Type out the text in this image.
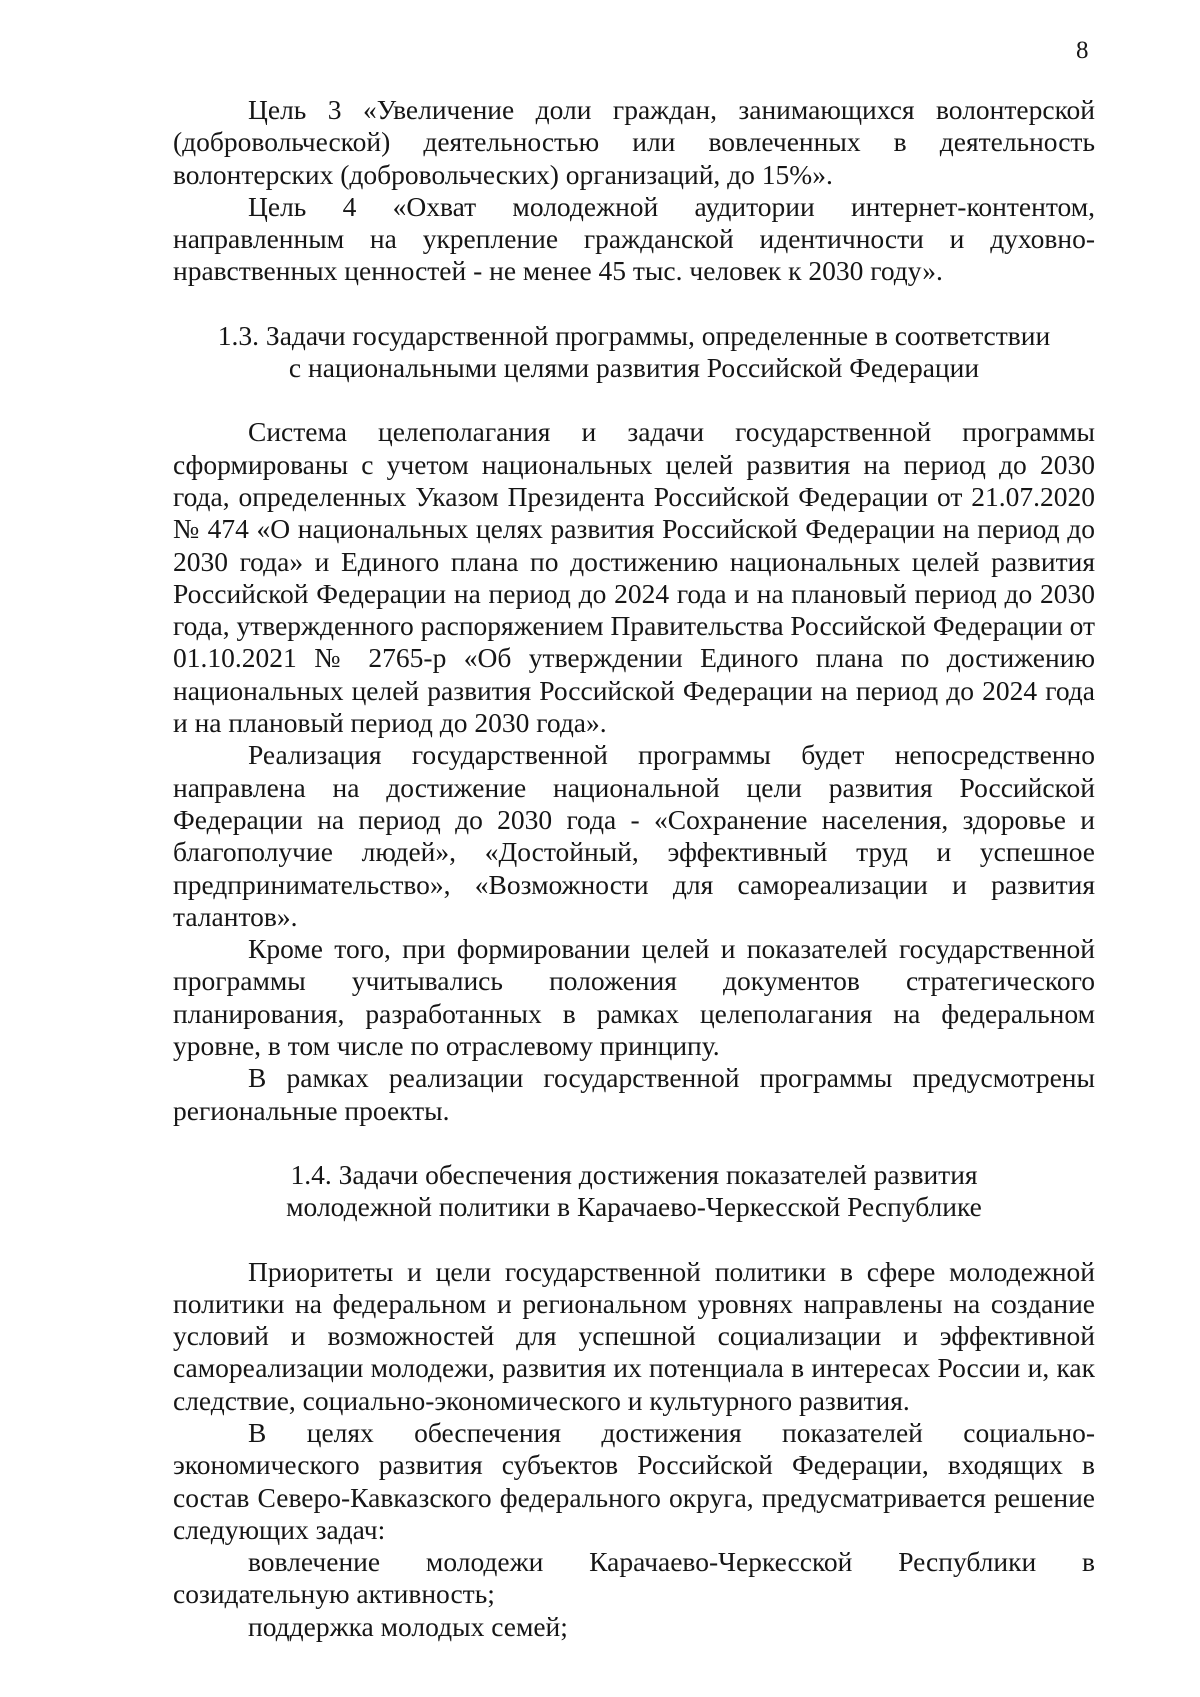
8

Цель 3 «Увеличение доли граждан, занимающихся волонтерской (добровольческой) деятельностью или вовлеченных в деятельность волонтерских (добровольческих) организаций, до 15%».

Цель 4 «Охват молодежной аудитории интернет-контентом, направленным на укрепление гражданской идентичности и духовно-нравственных ценностей - не менее 45 тыс. человек к 2030 году».

1.3. Задачи государственной программы, определенные в соответствии
с национальными целями развития Российской Федерации

Система целеполагания и задачи государственной программы сформированы с учетом национальных целей развития на период до 2030 года, определенных Указом Президента Российской Федерации от 21.07.2020 № 474 «О национальных целях развития Российской Федерации на период до 2030 года» и Единого плана по достижению национальных целей развития Российской Федерации на период до 2024 года и на плановый период до 2030 года, утвержденного распоряжением Правительства Российской Федерации от 01.10.2021 № 2765-р «Об утверждении Единого плана по достижению национальных целей развития Российской Федерации на период до 2024 года и на плановый период до 2030 года».

Реализация государственной программы будет непосредственно направлена на достижение национальной цели развития Российской Федерации на период до 2030 года - «Сохранение населения, здоровье и благополучие людей», «Достойный, эффективный труд и успешное предпринимательство», «Возможности для самореализации и развития талантов».

Кроме того, при формировании целей и показателей государственной программы учитывались положения документов стратегического планирования, разработанных в рамках целеполагания на федеральном уровне, в том числе по отраслевому принципу.

В рамках реализации государственной программы предусмотрены региональные проекты.

1.4. Задачи обеспечения достижения показателей развития
молодежной политики в Карачаево-Черкесской Республике

Приоритеты и цели государственной политики в сфере молодежной политики на федеральном и региональном уровнях направлены на создание условий и возможностей для успешной социализации и эффективной самореализации молодежи, развития их потенциала в интересах России и, как следствие, социально-экономического и культурного развития.

В целях обеспечения достижения показателей социально-экономического развития субъектов Российской Федерации, входящих в состав Северо-Кавказского федерального округа, предусматривается решение следующих задач:

вовлечение молодежи Карачаево-Черкесской Республики в созидательную активность;

поддержка молодых семей;
